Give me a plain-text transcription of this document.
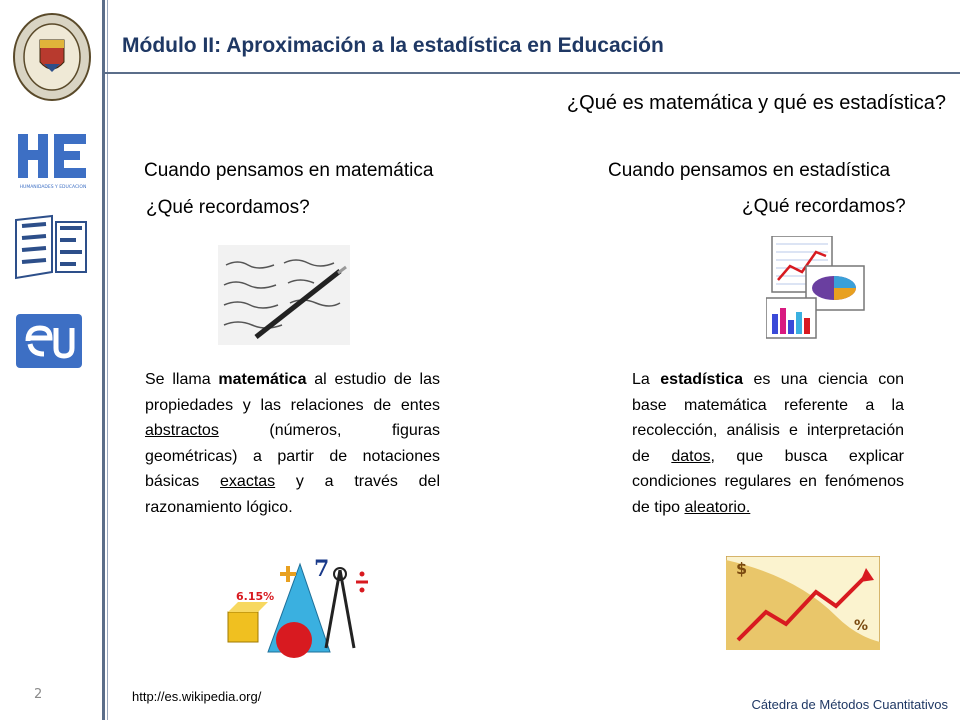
HUMANIDADES Y EDUCACION
Módulo II: Aproximación a la estadística en Educación
¿Qué es matemática y qué es estadística?
Cuando pensamos en matemática
¿Qué recordamos?
Se llama matemática al estudio de las propiedades y las relaciones de entes abstractos (números, figuras geométricas) a partir de notaciones básicas exactas y a través del razonamiento lógico.
6.15%
7
Cuando pensamos en estadística
¿Qué recordamos?
La estadística es una ciencia con base matemática referente a la recolección, análisis e interpretación de datos, que busca explicar condiciones regulares en fenómenos de tipo aleatorio.
$
%
2	http://es.wikipedia.org/
Cátedra de Métodos Cuantitativos
